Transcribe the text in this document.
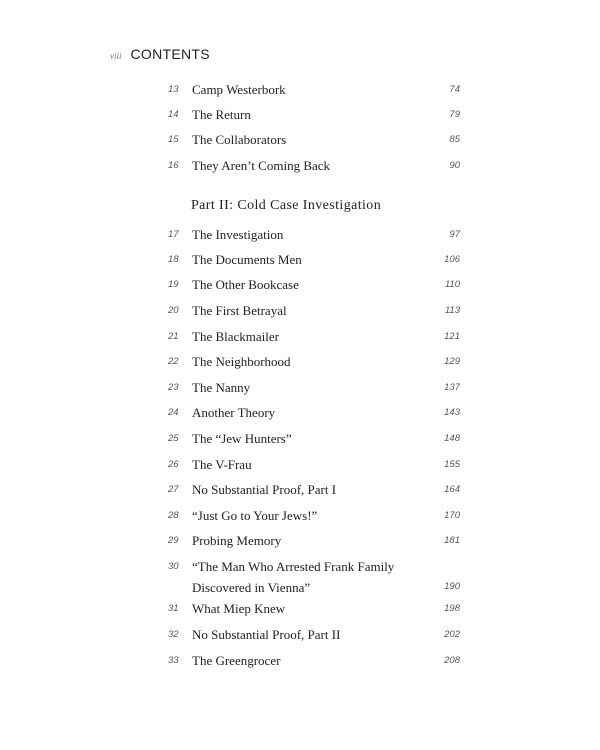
viii CONTENTS
13 Camp Westerbork	74
14 The Return	79
15 The Collaborators	85
16 They Aren’t Coming Back	90
Part II: Cold Case Investigation
17 The Investigation	97
18 The Documents Men	106
19 The Other Bookcase	110
20 The First Betrayal	113
21 The Blackmailer	121
22 The Neighborhood	129
23 The Nanny	137
24 Another Theory	143
25 The “Jew Hunters”	148
26 The V-Frau	155
27 No Substantial Proof, Part I	164
28 “Just Go to Your Jews!”	170
29 Probing Memory	181
30 “The Man Who Arrested Frank Family
Discovered in Vienna”	190
31 What Miep Knew	198
32 No Substantial Proof, Part II	202
33 The Greengrocer	208
